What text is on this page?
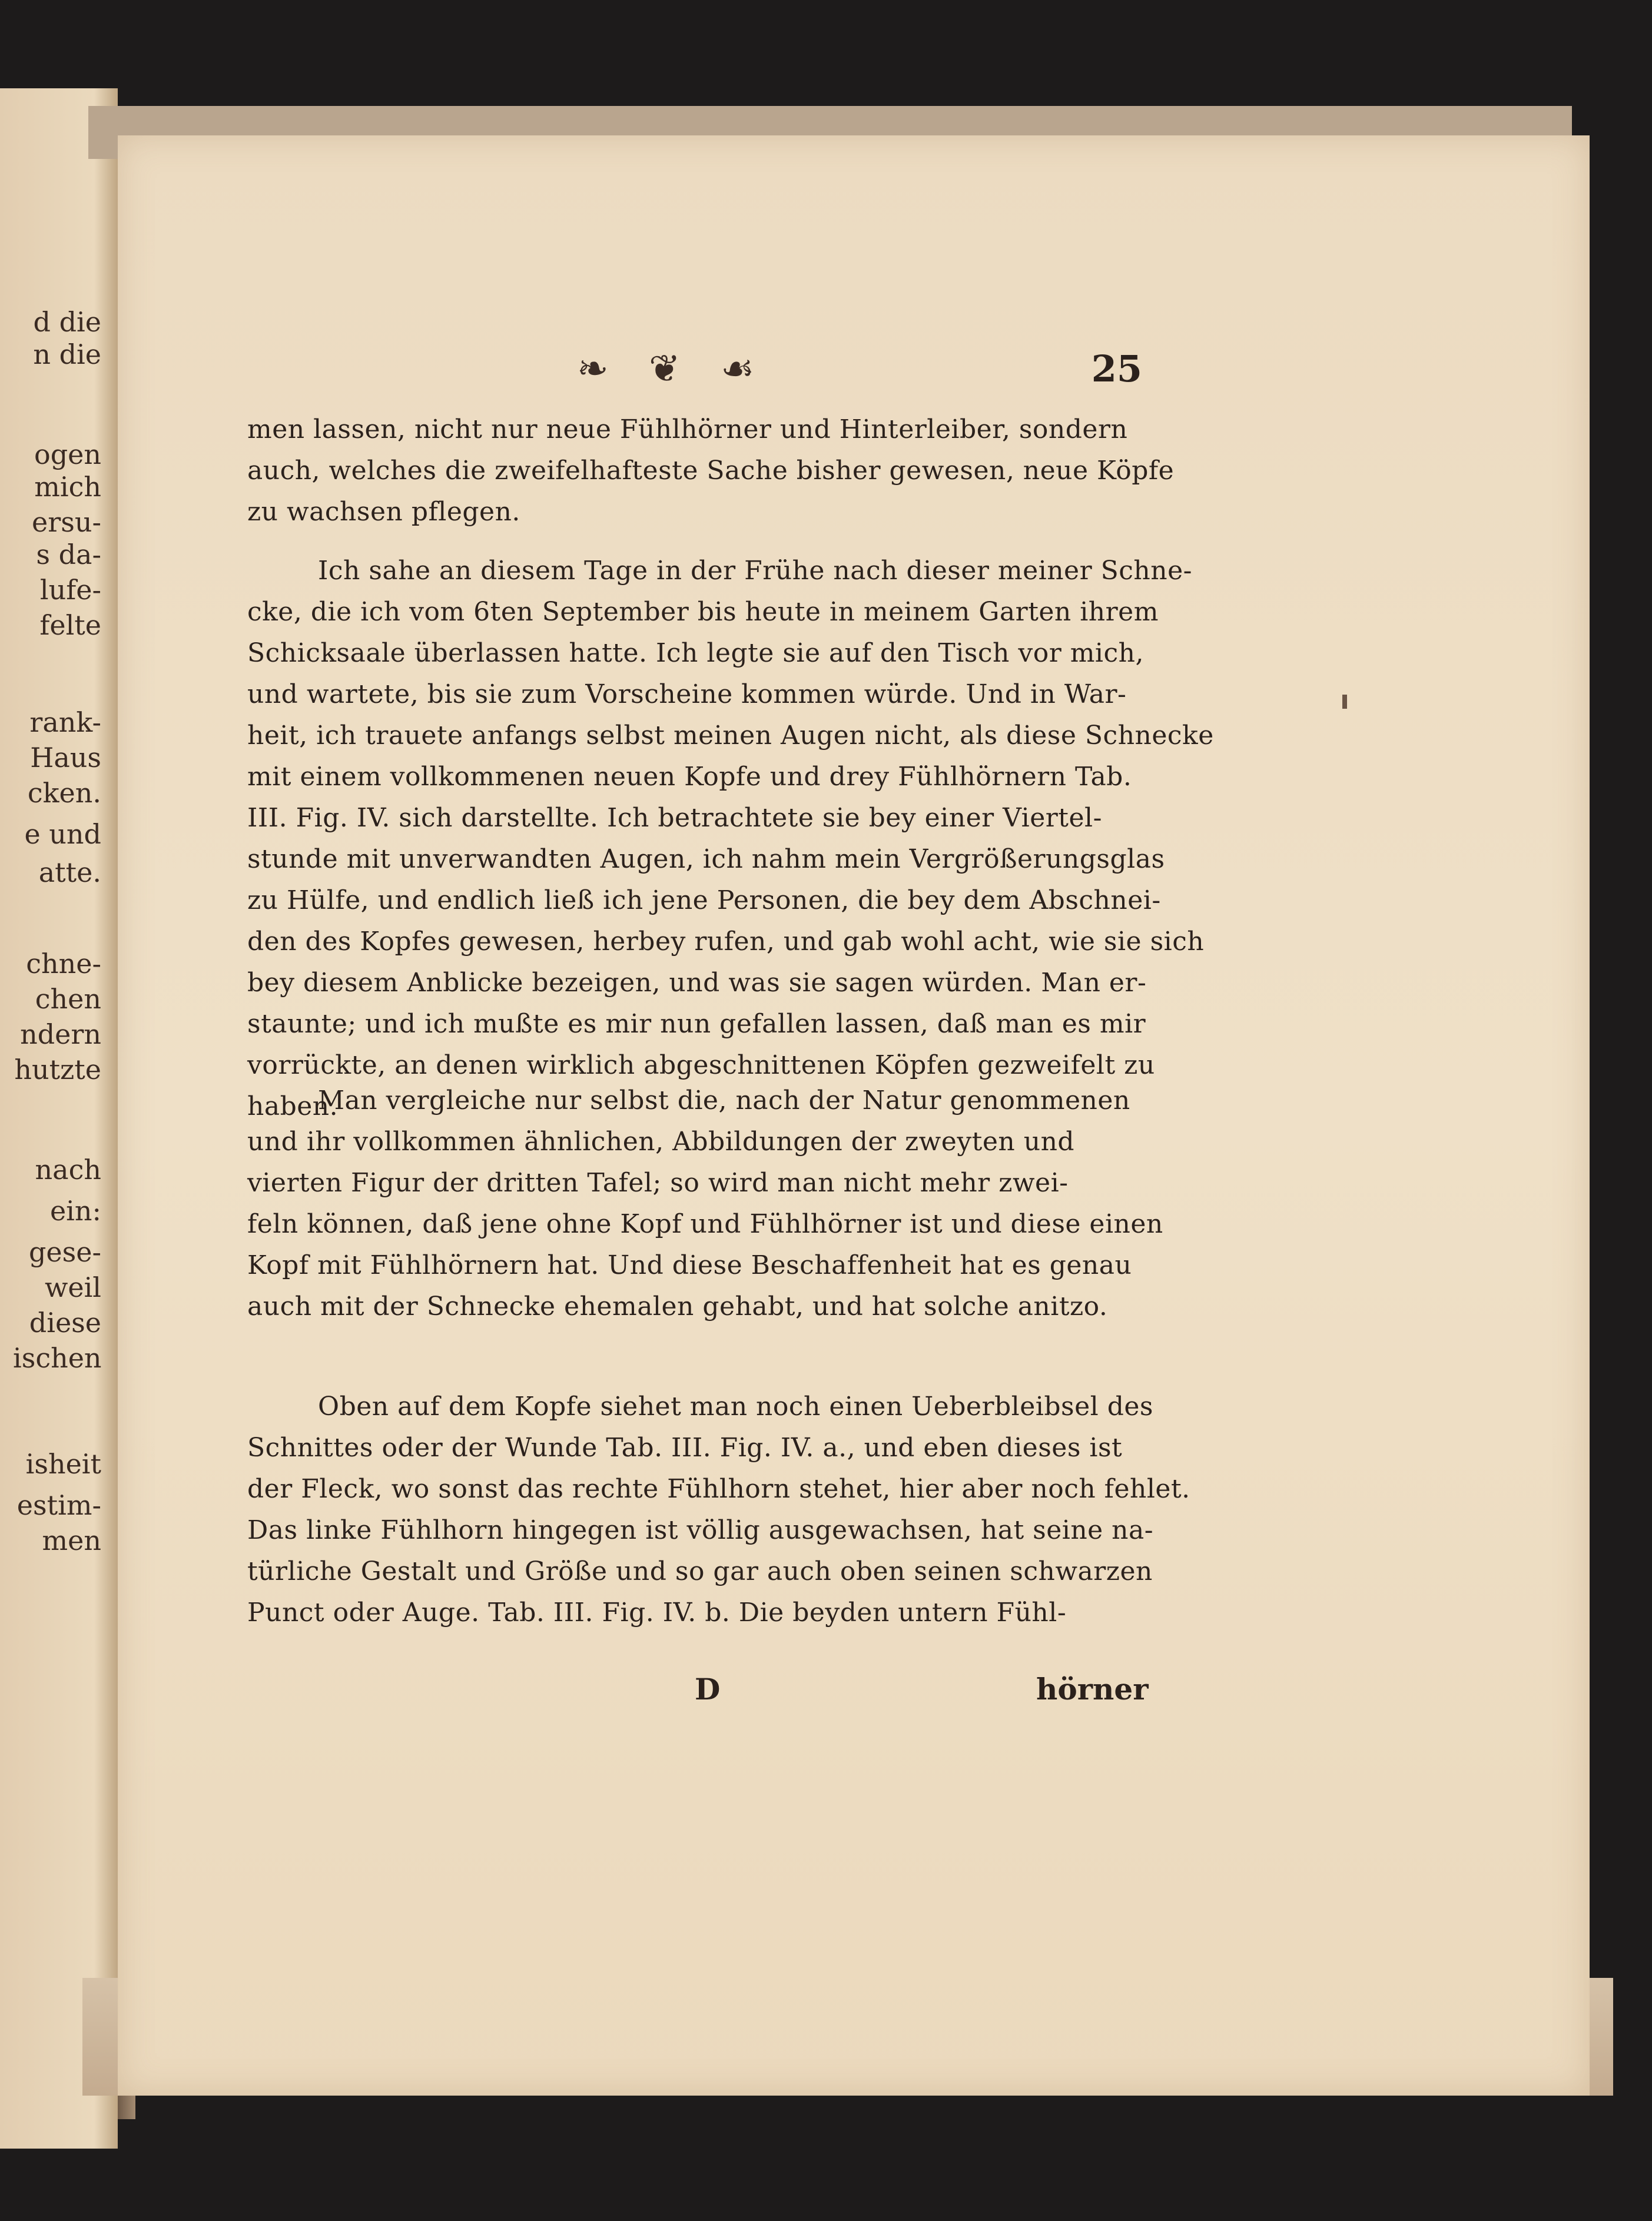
d die
n die
ogen
mich
ersu-
s da-
lufe-
felte
rank-
Haus
cken.
e und
atte.
chne-
chen
ndern
hutzte
nach
ein:
gese-
weil
diese
ischen
isheit
estim-
men
❧ ❦ ☙	25
men lassen, nicht nur neue Fühlhörner und Hinterleiber, sondern
auch, welches die zweifelhafteste Sache bisher gewesen, neue Köpfe
zu wachsen pflegen.
Ich sahe an diesem Tage in der Frühe nach dieser meiner Schne-
cke, die ich vom 6ten September bis heute in meinem Garten ihrem
Schicksaale überlassen hatte. Ich legte sie auf den Tisch vor mich,
und wartete, bis sie zum Vorscheine kommen würde. Und in War-
heit, ich trauete anfangs selbst meinen Augen nicht, als diese Schnecke
mit einem vollkommenen neuen Kopfe und drey Fühlhörnern Tab.
III. Fig. IV. sich darstellte. Ich betrachtete sie bey einer Viertel-
stunde mit unverwandten Augen, ich nahm mein Vergrößerungsglas
zu Hülfe, und endlich ließ ich jene Personen, die bey dem Abschnei-
den des Kopfes gewesen, herbey rufen, und gab wohl acht, wie sie sich
bey diesem Anblicke bezeigen, und was sie sagen würden. Man er-
staunte; und ich mußte es mir nun gefallen lassen, daß man es mir
vorrückte, an denen wirklich abgeschnittenen Köpfen gezweifelt zu
haben.
Man vergleiche nur selbst die, nach der Natur genommenen
und ihr vollkommen ähnlichen, Abbildungen der zweyten und
vierten Figur der dritten Tafel; so wird man nicht mehr zwei-
feln können, daß jene ohne Kopf und Fühlhörner ist und diese einen
Kopf mit Fühlhörnern hat. Und diese Beschaffenheit hat es genau
auch mit der Schnecke ehemalen gehabt, und hat solche anitzo.
Oben auf dem Kopfe siehet man noch einen Ueberbleibsel des
Schnittes oder der Wunde Tab. III. Fig. IV. a., und eben dieses ist
der Fleck, wo sonst das rechte Fühlhorn stehet, hier aber noch fehlet.
Das linke Fühlhorn hingegen ist völlig ausgewachsen, hat seine na-
türliche Gestalt und Größe und so gar auch oben seinen schwarzen
Punct oder Auge. Tab. III. Fig. IV. b. Die beyden untern Fühl-
D	hörner
